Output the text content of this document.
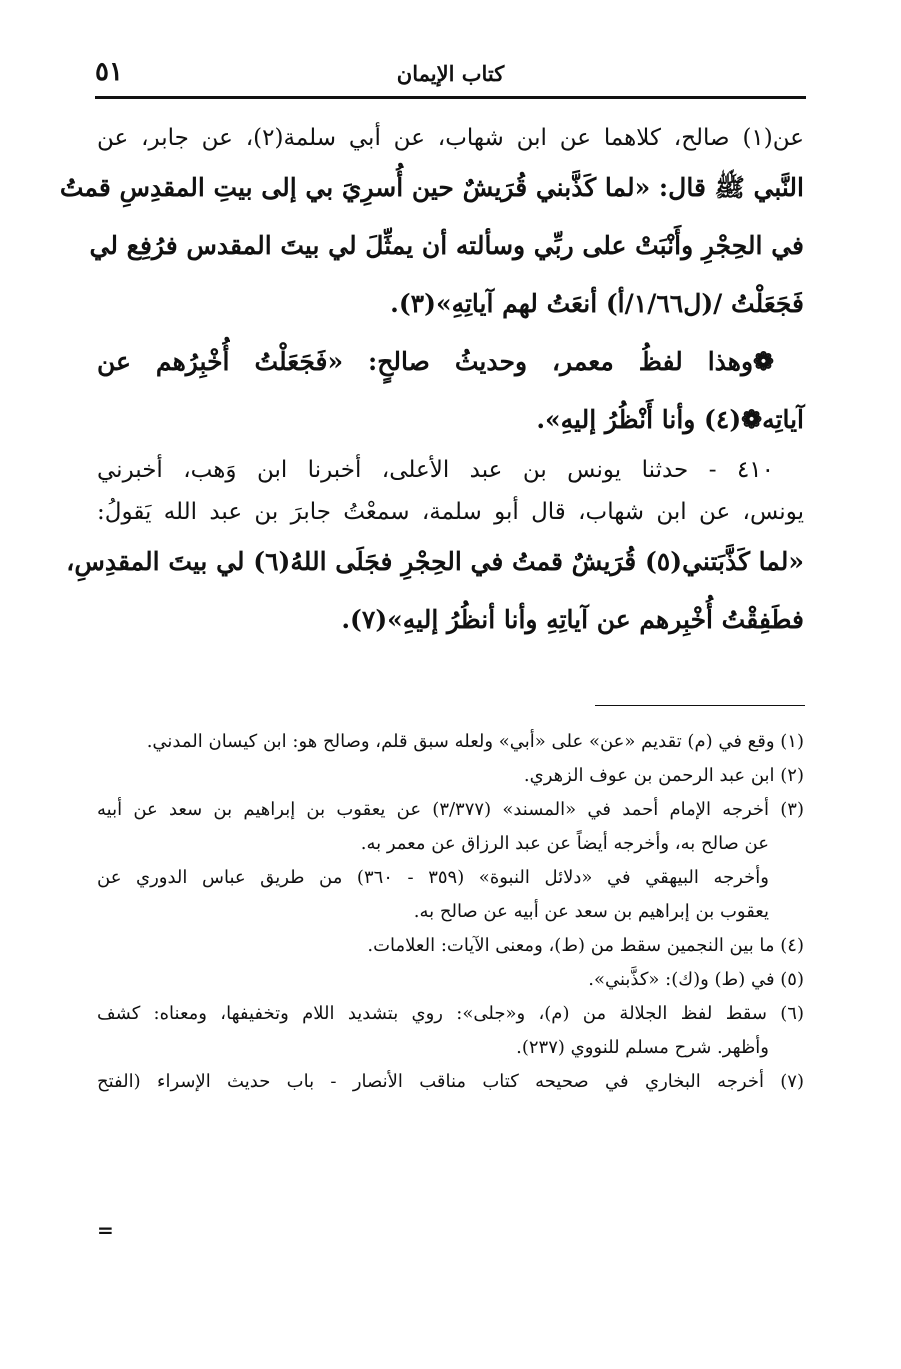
كتاب الإيمان
٥١
عن(١) صالح، كلاهما عن ابن شهاب، عن أبي سلمة(٢)، عن جابر، عن
النَّبي ﷺ قال: «لما كَذَّبني قُرَيشٌ حين أُسرِيَ بي إلى بيتِ المقدِسِ قمتُ
في الحِجْرِ وأَنْبَتْ على ربِّي وسألته أن يمثِّلَ لي بيتَ المقدس فرُفِع لي
فَجَعَلْتُ /(ل١/٦٦/أ) أنعَتُ لهم آياتِهِ»(٣).
❁وهذا لفظُ معمر، وحديثُ صالحٍ: «فَجَعَلْتُ أُخْبِرُهم عن
آياتِه❁(٤) وأنا أَنْظُرُ إليهِ».
٤١٠ - حدثنا يونس بن عبد الأعلى، أخبرنا ابن وَهب، أخبرني
يونس، عن ابن شهاب، قال أبو سلمة، سمعْتُ جابرَ بن عبد الله يَقولُ:
«لما كَذَّبَتني(٥) قُرَيشٌ قمتُ في الحِجْرِ فجَلَى اللهُ(٦) لي بيتَ المقدِسِ،
فطَفِقْتُ أُخْبِرهم عن آياتِهِ وأنا أنظُرُ إليهِ»(٧).
(١) وقع في (م) تقديم «عن» على «أبي» ولعله سبق قلم، وصالح هو: ابن كيسان المدني.
(٢) ابن عبد الرحمن بن عوف الزهري.
(٣) أخرجه الإمام أحمد في «المسند» (٣/٣٧٧) عن يعقوب بن إبراهيم بن سعد عن أبيه
عن صالح به، وأخرجه أيضاً عن عبد الرزاق عن معمر به.
وأخرجه البيهقي في «دلائل النبوة» (٣٥٩ - ٣٦٠) من طريق عباس الدوري عن
يعقوب بن إبراهيم بن سعد عن أبيه عن صالح به.
(٤) ما بين النجمين سقط من (ط)، ومعنى الآيات: العلامات.
(٥) في (ط) و(ك): «كذَّبني».
(٦) سقط لفظ الجلالة من (م)، و«جلى»: روي بتشديد اللام وتخفيفها، ومعناه: كشف
وأظهر. شرح مسلم للنووي (٢٣٧).
(٧) أخرجه البخاري في صحيحه كتاب مناقب الأنصار - باب حديث الإسراء (الفتح
=
